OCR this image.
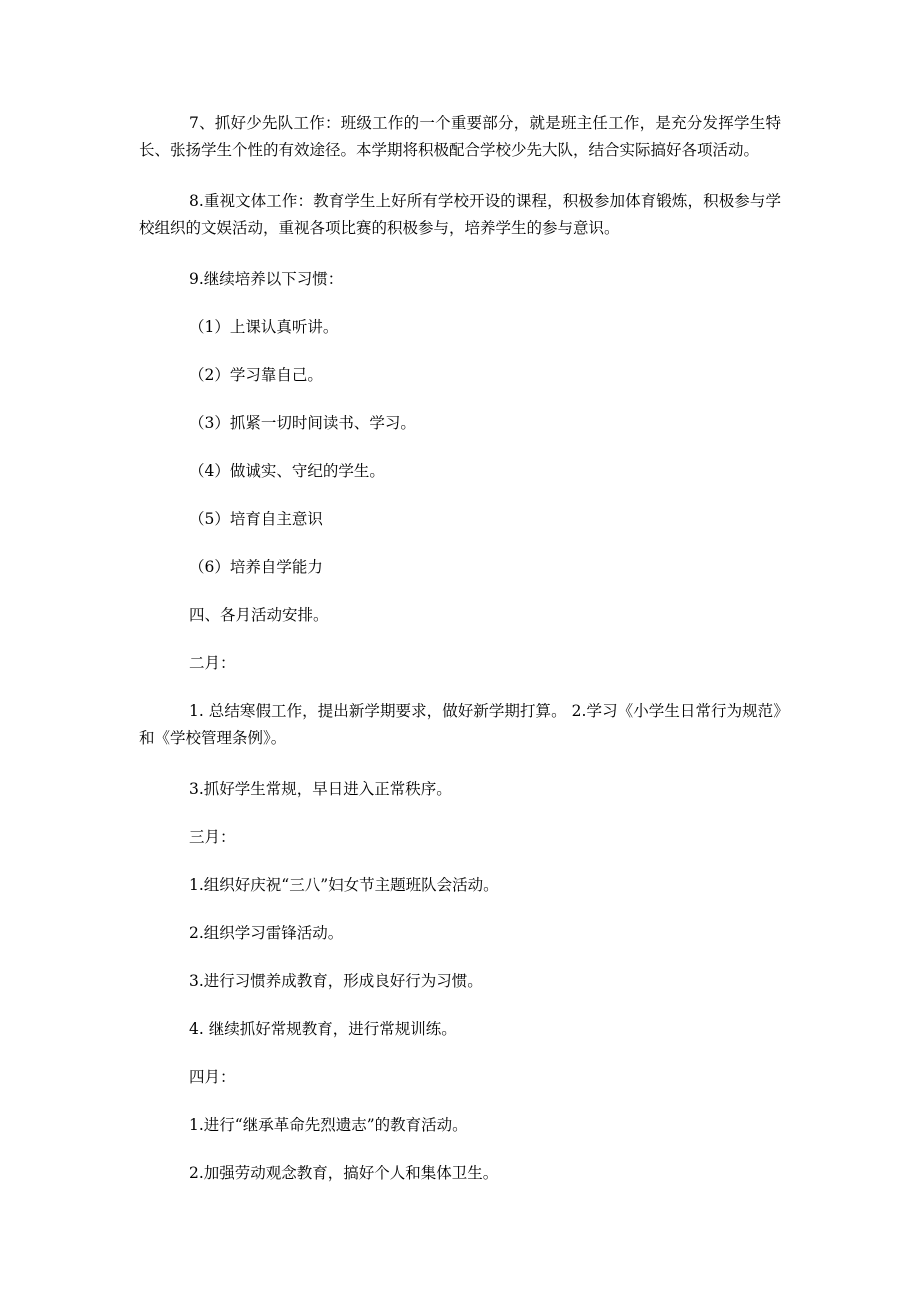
7、抓好少先队工作：班级工作的一个重要部分，就是班主任工作，是充分发挥学生特长、张扬学生个性的有效途径。本学期将积极配合学校少先大队，结合实际搞好各项活动。

8.重视文体工作：教育学生上好所有学校开设的课程，积极参加体育锻炼，积极参与学校组织的文娱活动，重视各项比赛的积极参与，培养学生的参与意识。

9.继续培养以下习惯：

（1）上课认真听讲。

（2）学习靠自己。

（3）抓紧一切时间读书、学习。

（4）做诚实、守纪的学生。

（5）培育自主意识

（6）培养自学能力

四、各月活动安排。

二月：

1. 总结寒假工作，提出新学期要求，做好新学期打算。 2.学习《小学生日常行为规范》和《学校管理条例》。

3.抓好学生常规，早日进入正常秩序。

三月：

1.组织好庆祝“三八”妇女节主题班队会活动。

2.组织学习雷锋活动。

3.进行习惯养成教育，形成良好行为习惯。

4. 继续抓好常规教育，进行常规训练。

四月：

1.进行“继承革命先烈遗志”的教育活动。

2.加强劳动观念教育，搞好个人和集体卫生。
